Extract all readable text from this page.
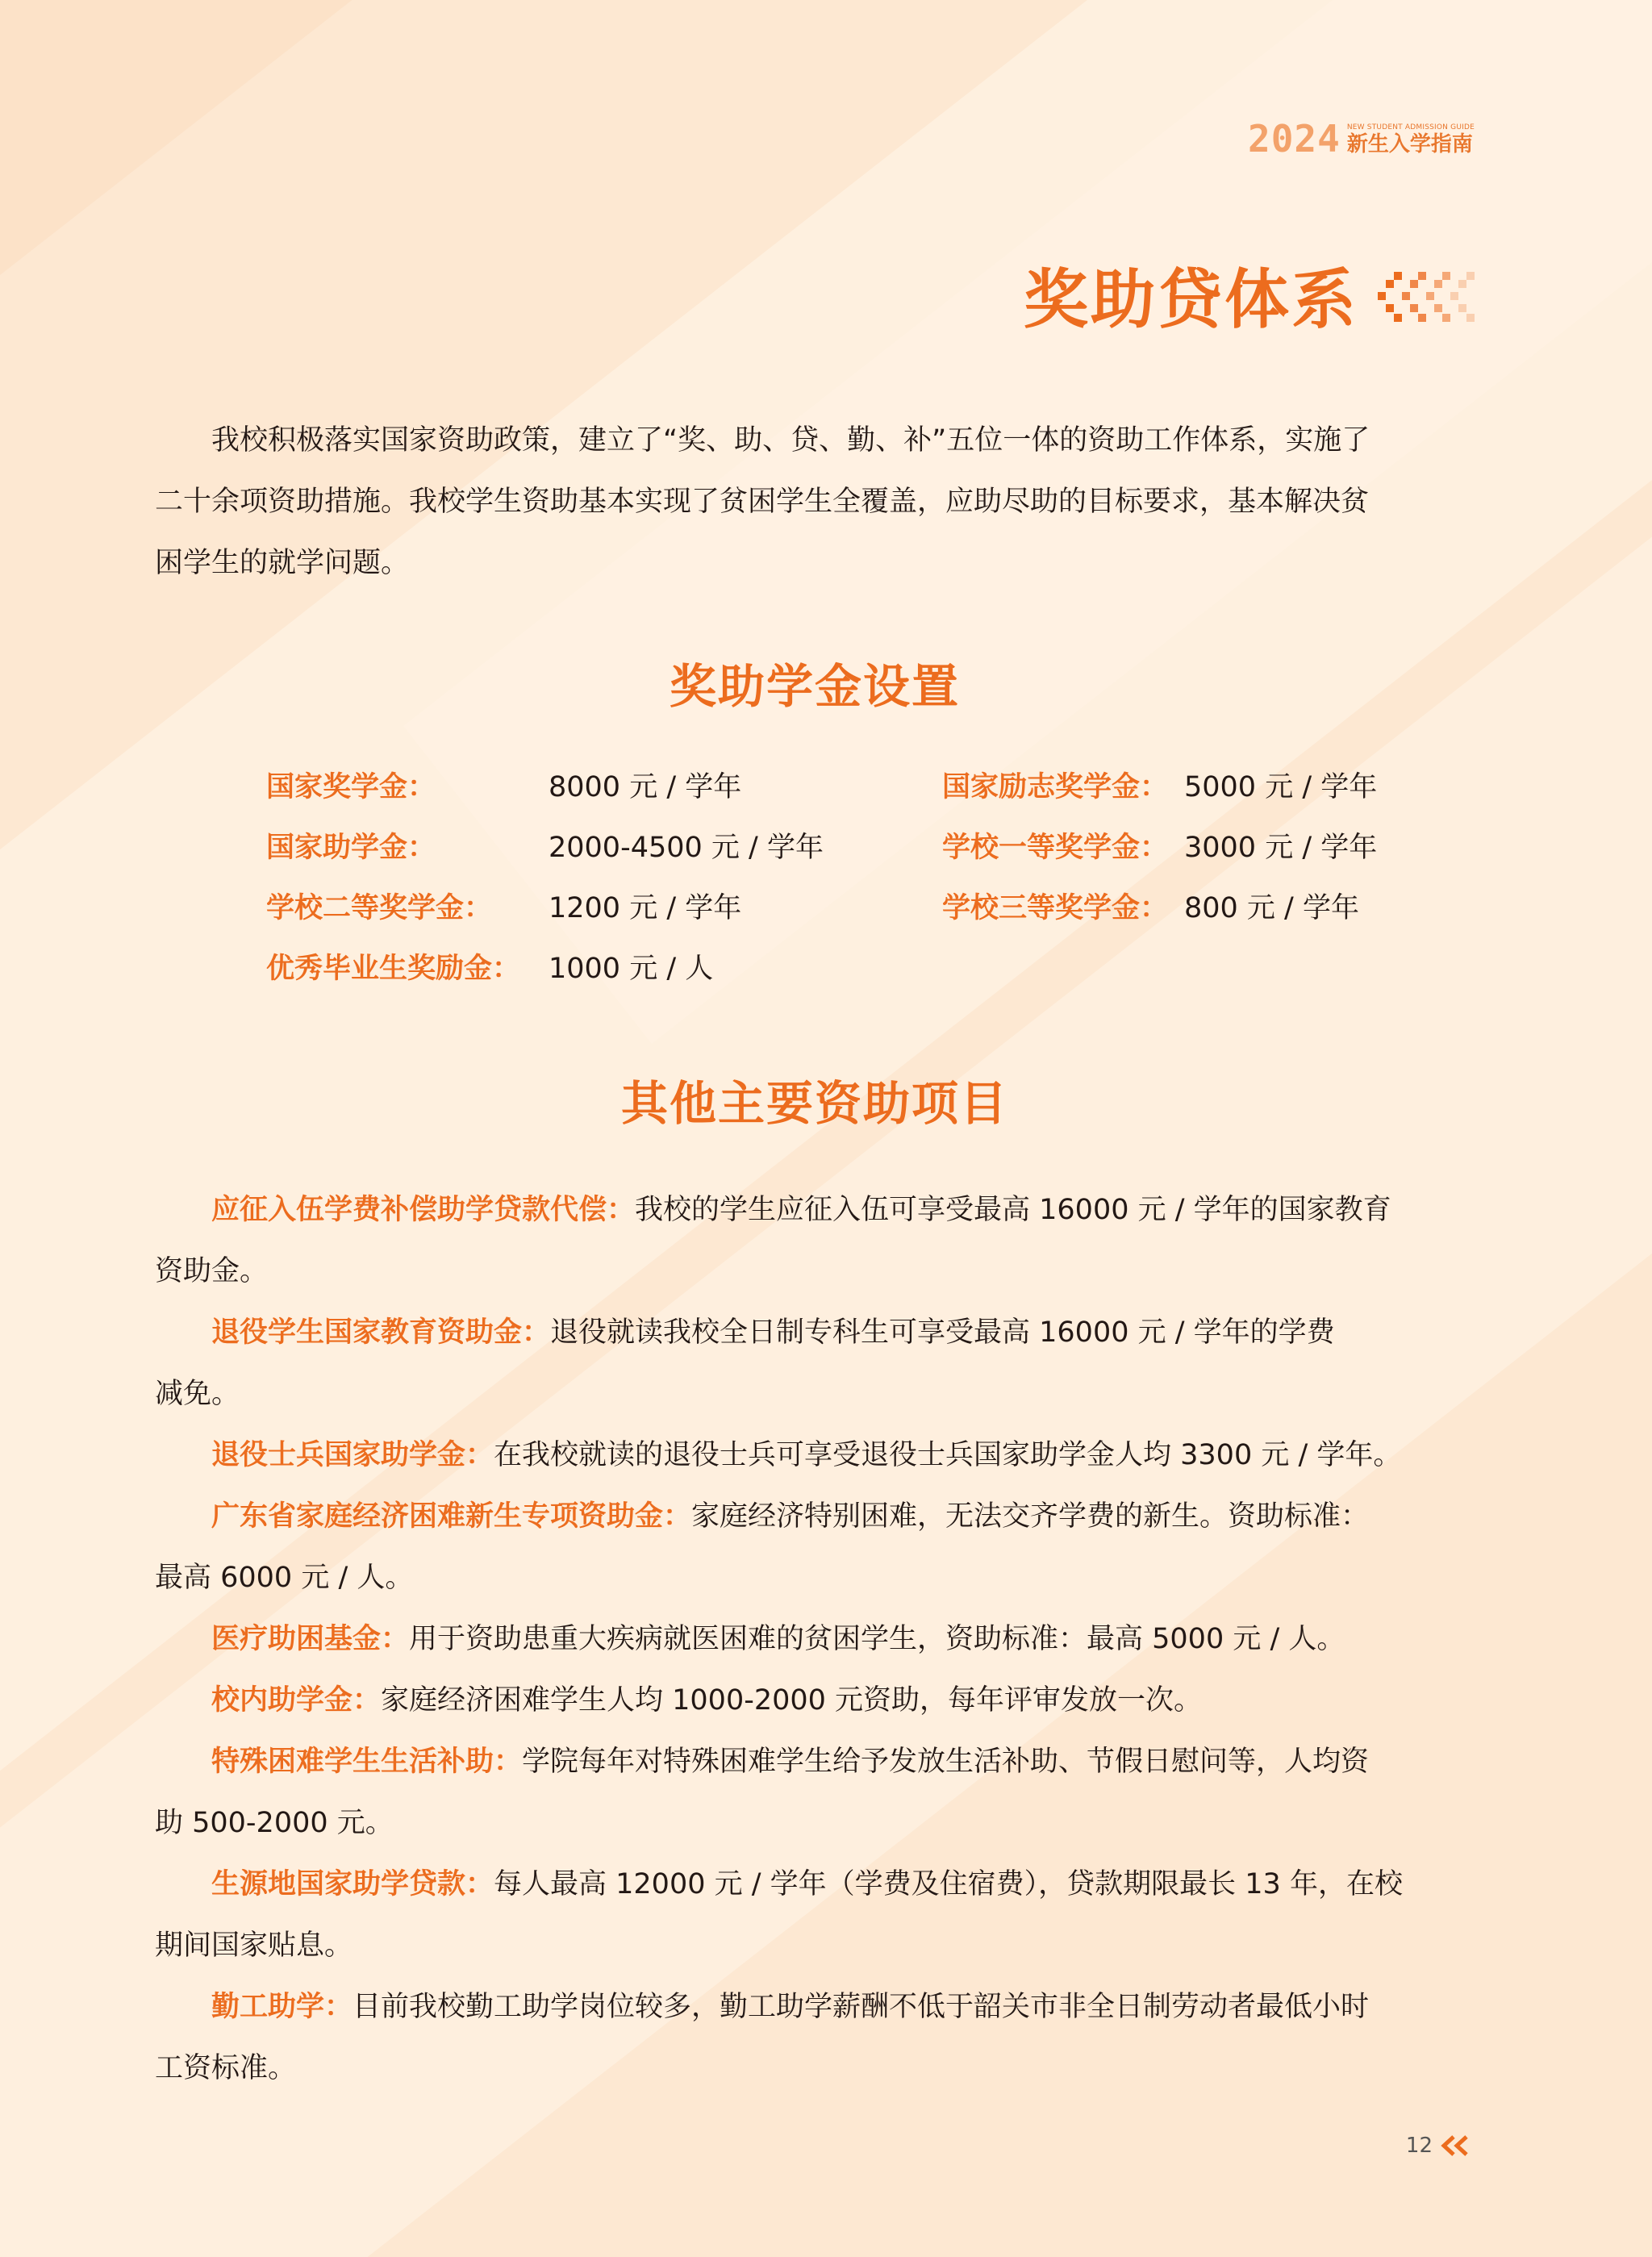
2024 NEW STUDENT ADMISSION GUIDE
新生入学指南
奖助贷体系

我校积极落实国家资助政策，建立了“奖、助、贷、勤、补”五位一体的资助工作体系，实施了
二十余项资助措施。我校学生资助基本实现了贫困学生全覆盖，应助尽助的目标要求，基本解决贫
困学生的就学问题。

奖助学金设置
国家奖学金：	8000 元 / 学年
国家助学金：	2000-4500 元 / 学年
学校二等奖学金： 1200 元 / 学年
优秀毕业生奖励金： 1000 元 / 人
国家励志奖学金： 5000 元 / 学年
学校一等奖学金： 3000 元 / 学年
学校三等奖学金： 800 元 / 学年
其他主要资助项目
应征入伍学费补偿助学贷款代偿：我校的学生应征入伍可享受最高 16000 元 / 学年的国家教育
资助金。
退役学生国家教育资助金：退役就读我校全日制专科生可享受最高 16000 元 / 学年的学费
减免。
退役士兵国家助学金：在我校就读的退役士兵可享受退役士兵国家助学金人均 3300 元 / 学年。
广东省家庭经济困难新生专项资助金：家庭经济特别困难，无法交齐学费的新生。资助标准：
最高 6000 元 / 人。
医疗助困基金：用于资助患重大疾病就医困难的贫困学生，资助标准：最高 5000 元 / 人。
校内助学金：家庭经济困难学生人均 1000-2000 元资助，每年评审发放一次。
特殊困难学生生活补助：学院每年对特殊困难学生给予发放生活补助、节假日慰问等，人均资
助 500-2000 元。
生源地国家助学贷款：每人最高 12000 元 / 学年（学费及住宿费），贷款期限最长 13 年，在校
期间国家贴息。
勤工助学：目前我校勤工助学岗位较多，勤工助学薪酬不低于韶关市非全日制劳动者最低小时
工资标准。
12
